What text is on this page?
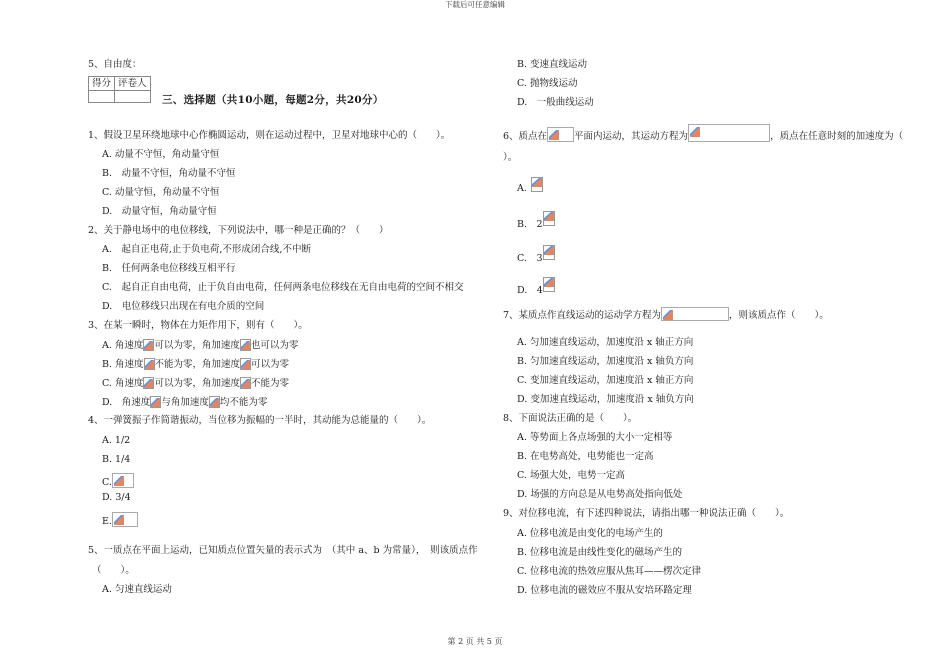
下载后可任意编辑
第 2 页 共 5 页
5、自由度：
得分	评卷人

三、选择题（共10小题，每题2分，共20分）
1、假设卫星环绕地球中心作椭圆运动，则在运动过程中，卫星对地球中心的（　　）。
A. 动量不守恒，角动量守恒
B.　动量不守恒，角动量不守恒
C. 动量守恒，角动量不守恒
D.　动量守恒，角动量守恒
2、关于静电场中的电位移线，下列说法中，哪一种是正确的？（　　）
A.　起自正电荷,止于负电荷,不形成闭合线,不中断
B.　任何两条电位移线互相平行
C.　起自正自由电荷，止于负自由电荷，任何两条电位移线在无自由电荷的空间不相交
D.　电位移线只出现在有电介质的空间
3、在某一瞬时，物体在力矩作用下，则有（　　）。
A. 角速度 可以为零，角加速度 也可以为零
B. 角速度 不能为零，角加速度 可以为零
C. 角速度 可以为零，角加速度 不能为零
D.　角速度 与角加速度 均不能为零
4、一弹簧振子作简谐振动，当位移为振幅的一半时，其动能为总能量的（　　）。
A. 1/2
B. 1/4
C.
D. 3/4
E.
5、一质点在平面上运动，已知质点位置矢量的表示式为　（其中 a、b 为常量），　则该质点作
（　　）。
A. 匀速直线运动
B. 变速直线运动
C. 抛物线运动
D.　一般曲线运动
6、质点在	平面内运动，其运动方程为	，质点在任意时刻的加速度为（
）。
A.
B.　2
C.　3
D.　4
7、某质点作直线运动的运动学方程为	，则该质点作（　　）。
A. 匀加速直线运动，加速度沿 x 轴正方向
B. 匀加速直线运动，加速度沿 x 轴负方向
C. 变加速直线运动，加速度沿 x 轴正方向
D. 变加速直线运动，加速度沿 x 轴负方向
8、下面说法正确的是（　　）。
A. 等势面上各点场强的大小一定相等
B. 在电势高处，电势能也一定高
C. 场强大处，电势一定高
D. 场强的方向总是从电势高处指向低处
9、对位移电流，有下述四种说法，请指出哪一种说法正确（　　）。
A. 位移电流是由变化的电场产生的
B. 位移电流是由线性变化的磁场产生的
C. 位移电流的热效应服从焦耳——楞次定律
D. 位移电流的磁效应不服从安培环路定理
